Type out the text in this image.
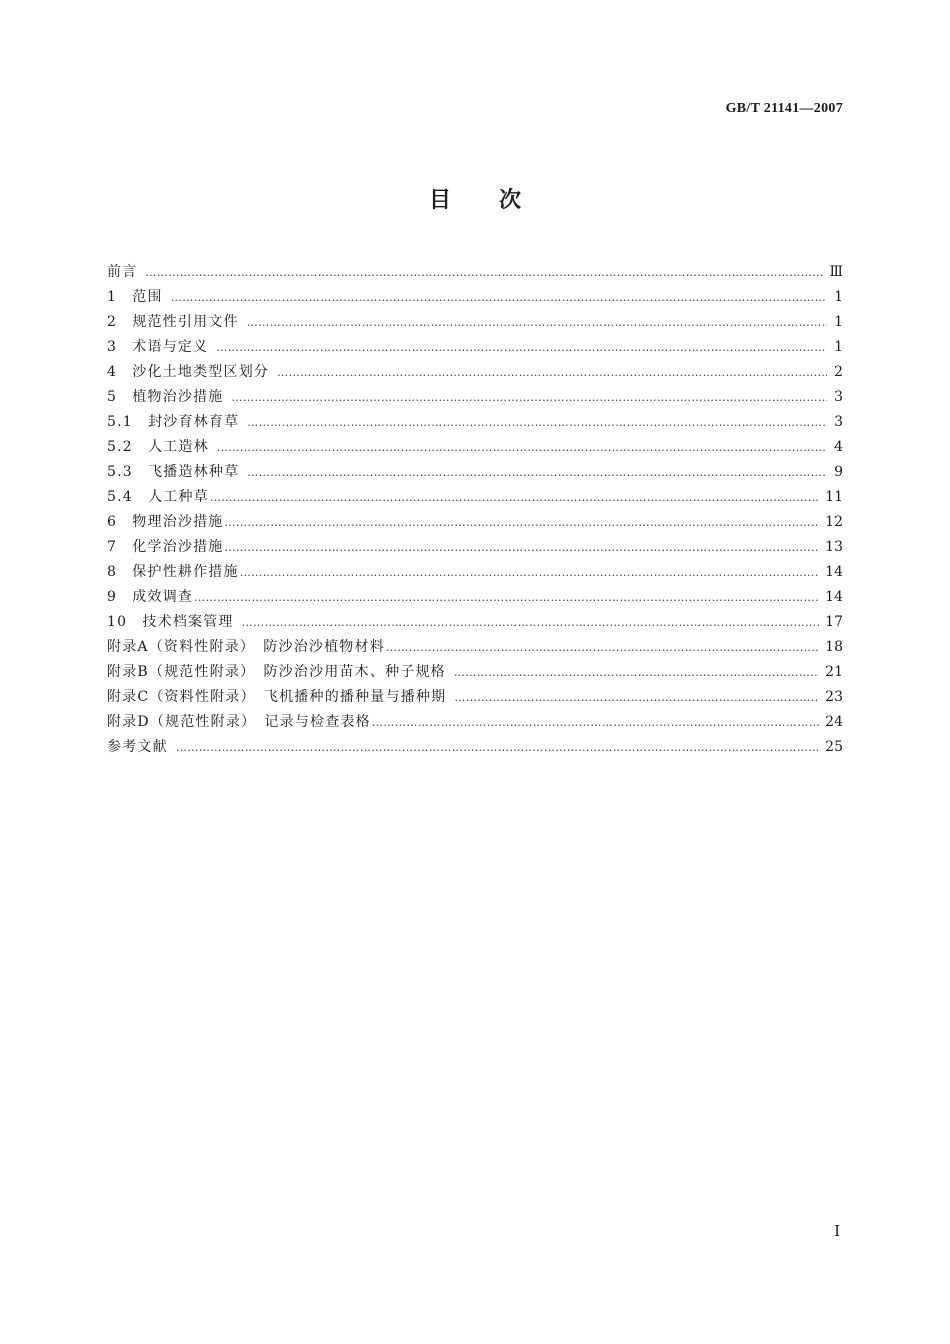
GB/T 21141—2007
目次
前言 ………………………………………………………………………………………………………………………………………………………………………………………………………………………………………………	Ⅲ
1　范围 ………………………………………………………………………………………………………………………………………………………………………………………………………………………………………………	1
2　规范性引用文件 ………………………………………………………………………………………………………………………………………………………………………………………………………………………………………………	1
3　术语与定义 ………………………………………………………………………………………………………………………………………………………………………………………………………………………………………………	1
4　沙化土地类型区划分 ………………………………………………………………………………………………………………………………………………………………………………………………………………………………………………	2
5　植物治沙措施 ………………………………………………………………………………………………………………………………………………………………………………………………………………………………………………	3
5.1　封沙育林育草 ………………………………………………………………………………………………………………………………………………………………………………………………………………………………………………	3
5.2　人工造林 ………………………………………………………………………………………………………………………………………………………………………………………………………………………………………………	4
5.3　飞播造林种草 ………………………………………………………………………………………………………………………………………………………………………………………………………………………………………………	9
5.4　人工种草 ………………………………………………………………………………………………………………………………………………………………………………………………………………………………………………	11
6　物理治沙措施 ………………………………………………………………………………………………………………………………………………………………………………………………………………………………………………	12
7　化学治沙措施 ………………………………………………………………………………………………………………………………………………………………………………………………………………………………………………	13
8　保护性耕作措施 ………………………………………………………………………………………………………………………………………………………………………………………………………………………………………………	14
9　成效调查 ………………………………………………………………………………………………………………………………………………………………………………………………………………………………………………	14
10　技术档案管理 ………………………………………………………………………………………………………………………………………………………………………………………………………………………………………………	17
附录A（资料性附录）　防沙治沙植物材料 ………………………………………………………………………………………………………………………………………………………………………………………………………………………………………………	18
附录B（规范性附录）　防沙治沙用苗木、种子规格 ………………………………………………………………………………………………………………………………………………………………………………………………………………………………………………	21
附录C（资料性附录）　飞机播种的播种量与播种期 ………………………………………………………………………………………………………………………………………………………………………………………………………………………………………………	23
附录D（规范性附录）　记录与检查表格 ………………………………………………………………………………………………………………………………………………………………………………………………………………………………………………	24
参考文献 ………………………………………………………………………………………………………………………………………………………………………………………………………………………………………………	25
Ⅰ
